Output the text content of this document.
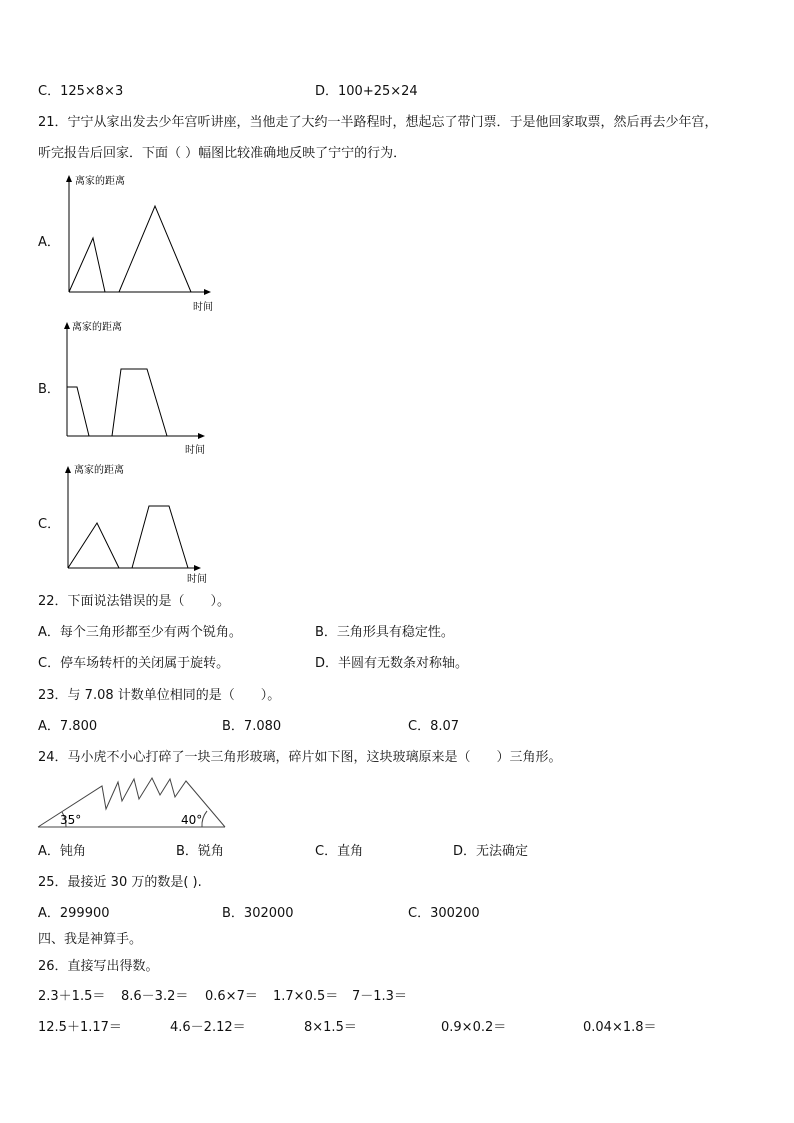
C．125×8×3	D．100+25×24
21．宁宁从家出发去少年宫听讲座，当他走了大约一半路程时，想起忘了带门票．于是他回家取票，然后再去少年宫，
听完报告后回家．下面（ ）幅图比较准确地反映了宁宁的行为．
A．
离家的距离
时间
B．
离家的距离
时间
C．
离家的距离
时间
22．下面说法错误的是（　　）。
A．每个三角形都至少有两个锐角。	B．三角形具有稳定性。
C．停车场转杆的关闭属于旋转。	D．半圆有无数条对称轴。
23．与 7.08 计数单位相同的是（　　）。
A．7.800	B．7.080	C．8.07
24．马小虎不小心打碎了一块三角形玻璃，碎片如下图，这块玻璃原来是（　　）三角形。
35°	40°
A．钝角	B．锐角	C．直角	D．无法确定
25．最接近 30 万的数是( ).
A．299900	B．302000	C．300200
四、我是神算手。
26．直接写出得数。
2.3＋1.5＝ 8.6－3.2＝ 0.6×7＝ 1.7×0.5＝ 7－1.3＝
12.5＋1.17＝	4.6－2.12＝	8×1.5＝	0.9×0.2＝	0.04×1.8＝
